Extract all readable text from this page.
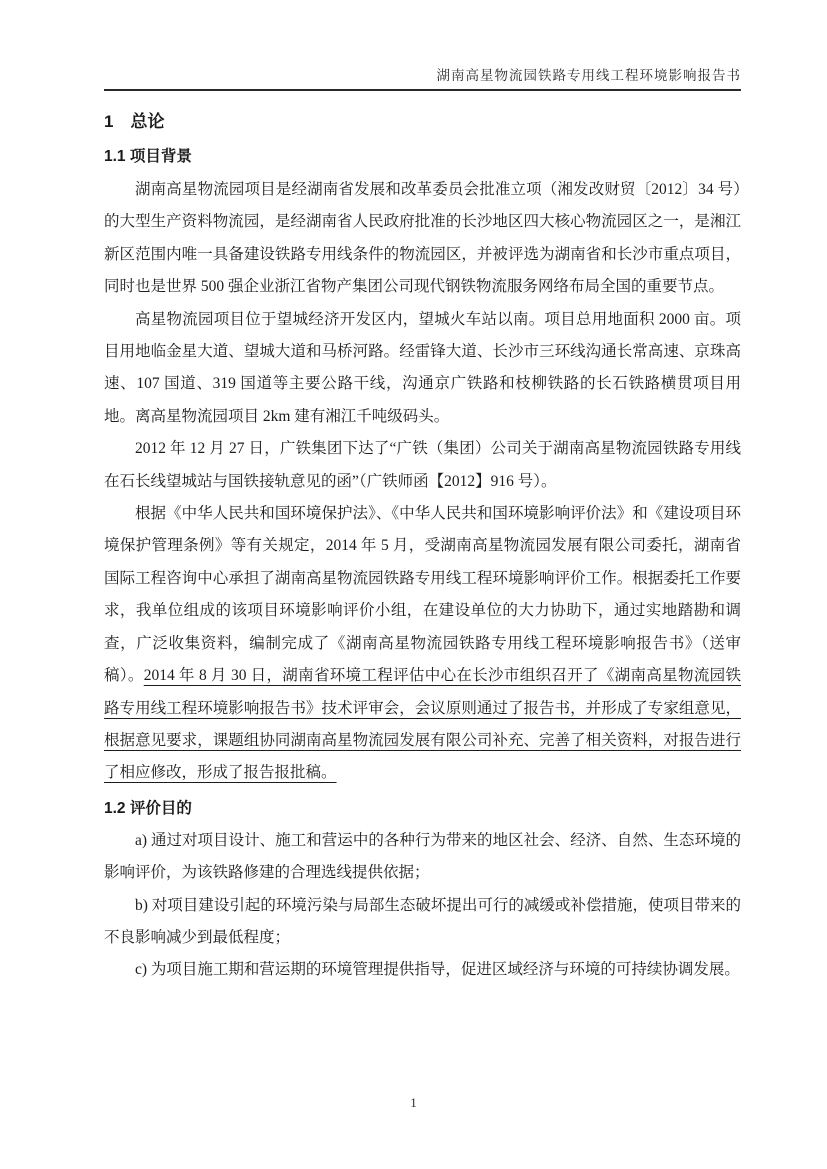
湖南高星物流园铁路专用线工程环境影响报告书
1　总论
1.1 项目背景

湖南高星物流园项目是经湖南省发展和改革委员会批准立项（湘发改财贸〔2012〕34 号）的大型生产资料物流园，是经湖南省人民政府批准的长沙地区四大核心物流园区之一，是湘江新区范围内唯一具备建设铁路专用线条件的物流园区，并被评选为湖南省和长沙市重点项目，同时也是世界 500 强企业浙江省物产集团公司现代钢铁物流服务网络布局全国的重要节点。

高星物流园项目位于望城经济开发区内，望城火车站以南。项目总用地面积 2000 亩。项目用地临金星大道、望城大道和马桥河路。经雷锋大道、长沙市三环线沟通长常高速、京珠高速、107 国道、319 国道等主要公路干线，沟通京广铁路和枝柳铁路的长石铁路横贯项目用地。离高星物流园项目 2km 建有湘江千吨级码头。

2012 年 12 月 27 日，广铁集团下达了“广铁（集团）公司关于湖南高星物流园铁路专用线在石长线望城站与国铁接轨意见的函”（广铁师函【2012】916 号）。

根据《中华人民共和国环境保护法》、《中华人民共和国环境影响评价法》和《建设项目环境保护管理条例》等有关规定，2014 年 5 月，受湖南高星物流园发展有限公司委托，湖南省国际工程咨询中心承担了湖南高星物流园铁路专用线工程环境影响评价工作。根据委托工作要求，我单位组成的该项目环境影响评价小组，在建设单位的大力协助下，通过实地踏勘和调查，广泛收集资料，编制完成了《湖南高星物流园铁路专用线工程环境影响报告书》（送审稿）。2014 年 8 月 30 日，湖南省环境工程评估中心在长沙市组织召开了《湖南高星物流园铁路专用线工程环境影响报告书》技术评审会，会议原则通过了报告书，并形成了专家组意见，根据意见要求，课题组协同湖南高星物流园发展有限公司补充、完善了相关资料，对报告进行了相应修改，形成了报告报批稿。

1.2 评价目的

a) 通过对项目设计、施工和营运中的各种行为带来的地区社会、经济、自然、生态环境的影响评价，为该铁路修建的合理选线提供依据；

b) 对项目建设引起的环境污染与局部生态破坏提出可行的减缓或补偿措施，使项目带来的不良影响减少到最低程度；

c) 为项目施工期和营运期的环境管理提供指导，促进区域经济与环境的可持续协调发展。

1
